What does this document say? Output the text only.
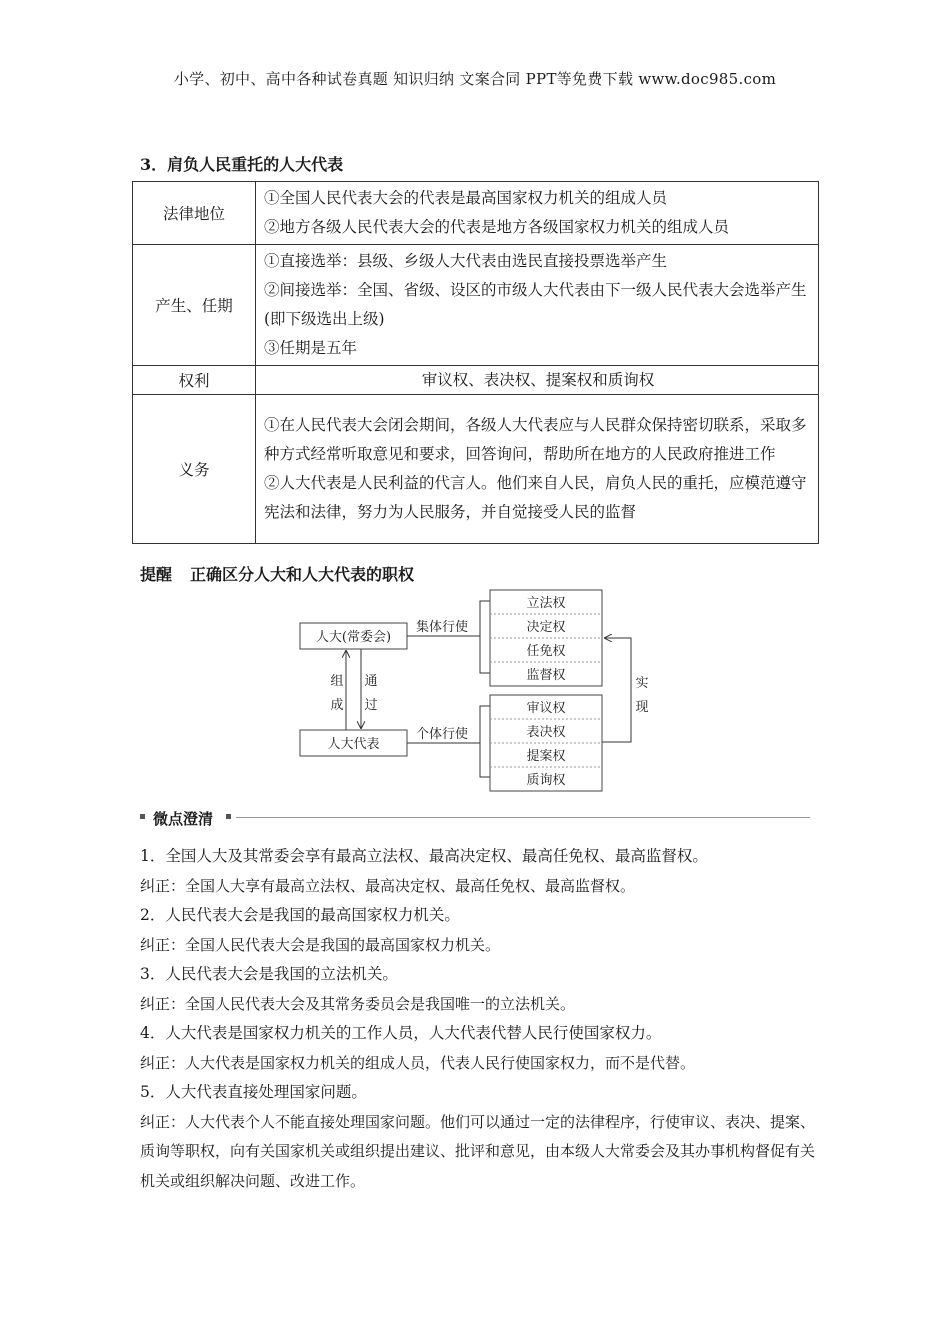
小学、初中、高中各种试卷真题 知识归纳 文案合同 PPT等免费下载 www.doc985.com
3．肩负人民重托的人大代表
法律地位	①全国人民代表大会的代表是最高国家权力机关的组成人员
②地方各级人民代表大会的代表是地方各级国家权力机关的组成人员

产生、任期	①直接选举：县级、乡级人大代表由选民直接投票选举产生
②间接选举：全国、省级、设区的市级人大代表由下一级人民代表大会选举产生(即下级选出上级)
③任期是五年

权利	审议权、表决权、提案权和质询权
义务	①在人民代表大会闭会期间，各级人大代表应与人民群众保持密切联系，采取多种方式经常听取意见和要求，回答询问，帮助所在地方的人民政府推进工作
②人大代表是人民利益的代言人。他们来自人民，肩负人民的重托，应模范遵守宪法和法律，努力为人民服务，并自觉接受人民的监督
提醒 正确区分人大和人大代表的职权
人大(常委会)
人大代表
组成
通过
集体行使
个体行使
立法权
决定权
任免权
监督权
审议权
表决权
提案权
质询权
实现
微点澄清

1．全国人大及其常委会享有最高立法权、最高决定权、最高任免权、最高监督权。

纠正：全国人大享有最高立法权、最高决定权、最高任免权、最高监督权。

2．人民代表大会是我国的最高国家权力机关。

纠正：全国人民代表大会是我国的最高国家权力机关。

3．人民代表大会是我国的立法机关。

纠正：全国人民代表大会及其常务委员会是我国唯一的立法机关。

4．人大代表是国家权力机关的工作人员，人大代表代替人民行使国家权力。

纠正：人大代表是国家权力机关的组成人员，代表人民行使国家权力，而不是代替。

5．人大代表直接处理国家问题。

纠正：人大代表个人不能直接处理国家问题。他们可以通过一定的法律程序，行使审议、表决、提案、质询等职权，向有关国家机关或组织提出建议、批评和意见，由本级人大常委会及其办事机构督促有关机关或组织解决问题、改进工作。
